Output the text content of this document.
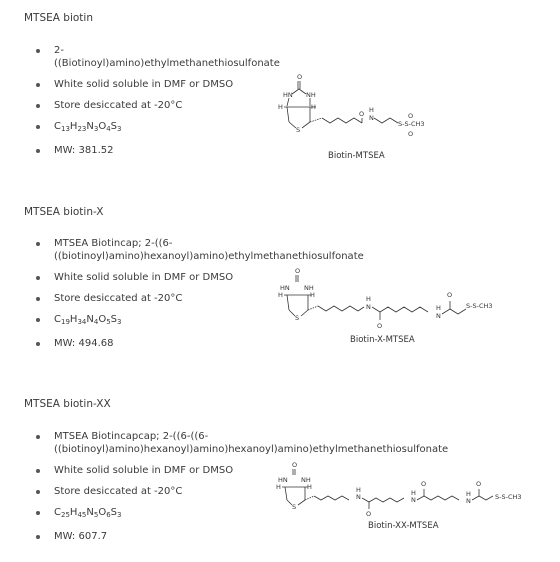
MTSEA biotin
2-
((Biotinoyl)amino)ethylmethanethiosulfonate
White solid soluble in DMF or DMSO
Store desiccated at -20°C
$C_{13}H_{23}N_3O_4S_3$
MW: 381.52
O
HN NH
H	H
S
O H
N
S-S-CH3
O
O
Biotin-MTSEA
MTSEA biotin-X
MTSEA Biotincap; 2-((6-
((biotinoyl)amino)hexanoyl)amino)ethylmethanethiosulfonate
White solid soluble in DMF or DMSO
Store desiccated at -20°C
$C_{19}H_{34}N_4O_5S_3$
MW: 494.68
O
HN NH
H	H
S
H
N
O
H
N
O
S-S-CH3
Biotin-X-MTSEA
MTSEA biotin-XX
MTSEA Biotincapcap; 2-((6-((6-
((biotinoyl)amino)hexanoyl)amino)hexanoyl)amino)ethylmethanethiosulfonate
White solid soluble in DMF or DMSO
Store desiccated at -20°C
$C_{25}H_{45}N_5O_6S_3$
MW: 607.7
O
HN NH
H	H
S
H
N
O
H
N
O
H
N
O
S-S-CH3
Biotin-XX-MTSEA
